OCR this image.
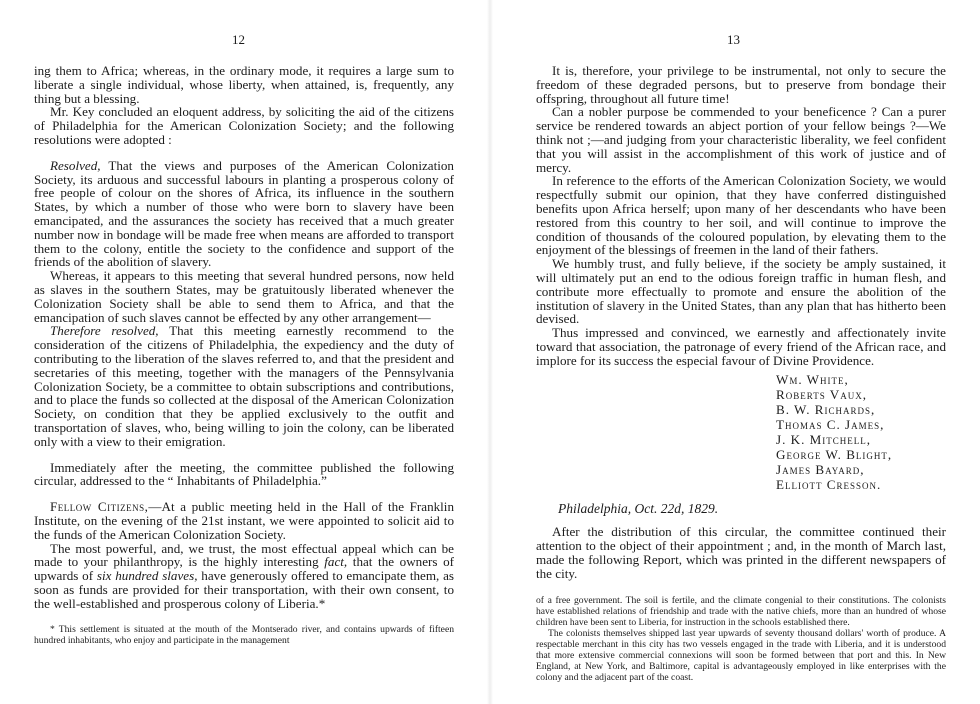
12

ing them to Africa; whereas, in the ordinary mode, it requires a large sum to liberate a single individual, whose liberty, when attained, is, frequently, any thing but a blessing.

Mr. Key concluded an eloquent address, by soliciting the aid of the citizens of Philadelphia for the American Colonization Society; and the following resolutions were adopted :

Resolved, That the views and purposes of the American Colonization Society, its arduous and successful labours in planting a prosperous colony of free people of colour on the shores of Africa, its influence in the southern States, by which a number of those who were born to slavery have been emancipated, and the assurances the society has received that a much greater number now in bondage will be made free when means are afforded to transport them to the colony, entitle the society to the confidence and support of the friends of the abolition of slavery.

Whereas, it appears to this meeting that several hundred persons, now held as slaves in the southern States, may be gratuitously liberated whenever the Colonization Society shall be able to send them to Africa, and that the emancipation of such slaves cannot be effected by any other arrangement—

Therefore resolved, That this meeting earnestly recommend to the consideration of the citizens of Philadelphia, the expediency and the duty of contributing to the liberation of the slaves referred to, and that the president and secretaries of this meeting, together with the managers of the Pennsylvania Colonization Society, be a committee to obtain subscriptions and contributions, and to place the funds so collected at the disposal of the American Colonization Society, on condition that they be applied exclusively to the outfit and transportation of slaves, who, being willing to join the colony, can be liberated only with a view to their emigration.

Immediately after the meeting, the committee published the following circular, addressed to the “ Inhabitants of Philadelphia.”

Fellow Citizens,—At a public meeting held in the Hall of the Franklin Institute, on the evening of the 21st instant, we were appointed to solicit aid to the funds of the American Colonization Society.

The most powerful, and, we trust, the most effectual appeal which can be made to your philanthropy, is the highly interesting fact, that the owners of upwards of six hundred slaves, have generously offered to emancipate them, as soon as funds are provided for their transportation, with their own consent, to the well-established and prosperous colony of Liberia.*

* This settlement is situated at the mouth of the Montserado river, and contains upwards of fifteen hundred inhabitants, who enjoy and participate in the management

13

It is, therefore, your privilege to be instrumental, not only to secure the freedom of these degraded persons, but to preserve from bondage their offspring, throughout all future time!

Can a nobler purpose be commended to your beneficence ? Can a purer service be rendered towards an abject portion of your fellow beings ?—We think not ;—and judging from your characteristic liberality, we feel confident that you will assist in the accomplishment of this work of justice and of mercy.

In reference to the efforts of the American Colonization Society, we would respectfully submit our opinion, that they have conferred distinguished benefits upon Africa herself; upon many of her descendants who have been restored from this country to her soil, and will continue to improve the condition of thousands of the coloured population, by elevating them to the enjoyment of the blessings of freemen in the land of their fathers.

We humbly trust, and fully believe, if the society be amply sustained, it will ultimately put an end to the odious foreign traffic in human flesh, and contribute more effectually to promote and ensure the abolition of the institution of slavery in the United States, than any plan that has hitherto been devised.

Thus impressed and convinced, we earnestly and affectionately invite toward that association, the patronage of every friend of the African race, and implore for its success the especial favour of Divine Providence.

Wm. White,
Roberts Vaux,
B. W. Richards,
Thomas C. James,
J. K. Mitchell,
George W. Blight,
James Bayard,
Elliott Cresson.

Philadelphia, Oct. 22d, 1829.

After the distribution of this circular, the committee continued their attention to the object of their appointment ; and, in the month of March last, made the following Report, which was printed in the different newspapers of the city.

of a free government. The soil is fertile, and the climate congenial to their constitutions. The colonists have established relations of friendship and trade with the native chiefs, more than an hundred of whose children have been sent to Liberia, for instruction in the schools established there.

The colonists themselves shipped last year upwards of seventy thousand dollars' worth of produce. A respectable merchant in this city has two vessels engaged in the trade with Liberia, and it is understood that more extensive commercial connexions will soon be formed between that port and this. In New England, at New York, and Baltimore, capital is advantageously employed in like enterprises with the colony and the adjacent part of the coast.
